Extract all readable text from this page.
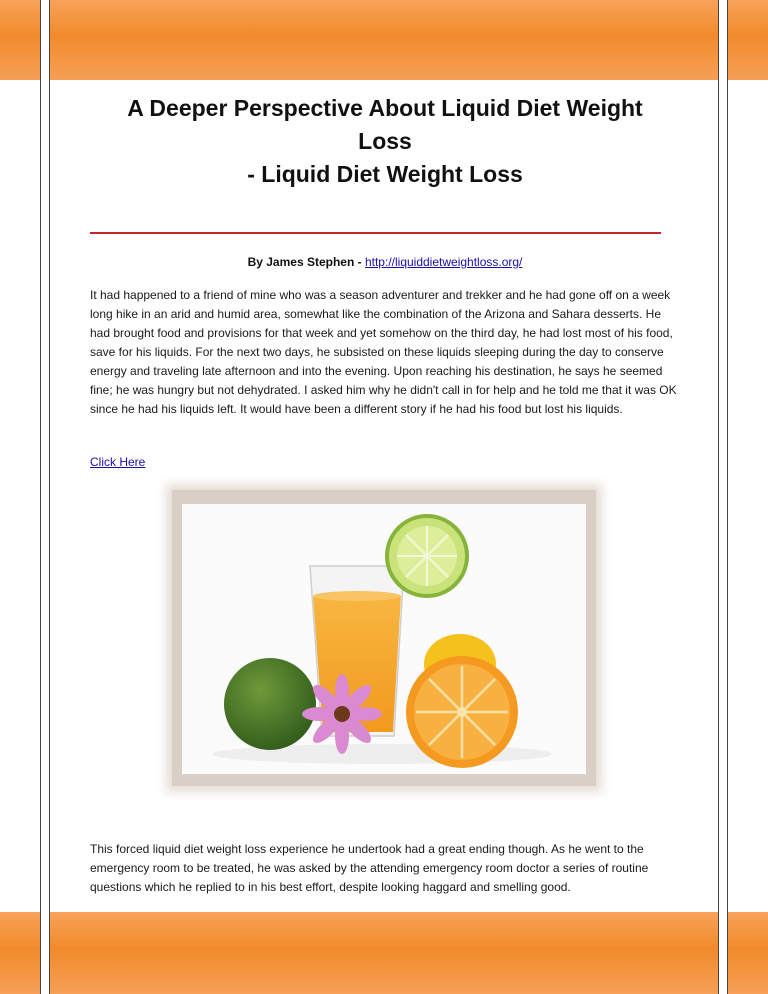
A Deeper Perspective About Liquid Diet Weight
Loss
- Liquid Diet Weight Loss
By James Stephen - http://liquiddietweightloss.org/

It had happened to a friend of mine who was a season adventurer and trekker and he had gone off on a week long hike in an arid and humid area, somewhat like the combination of the Arizona and Sahara desserts. He had brought food and provisions for that week and yet somehow on the third day, he had lost most of his food, save for his liquids. For the next two days, he subsisted on these liquids sleeping during the day to conserve energy and traveling late afternoon and into the evening. Upon reaching his destination, he says he seemed fine; he was hungry but not dehydrated. I asked him why he didn't call in for help and he told me that it was OK since he had his liquids left. It would have been a different story if he had his food but lost his liquids.

Click Here

This forced liquid diet weight loss experience he undertook had a great ending though. As he went to the emergency room to be treated, he was asked by the attending emergency room doctor a series of routine questions which he replied to in his best effort, despite looking haggard and smelling good.
